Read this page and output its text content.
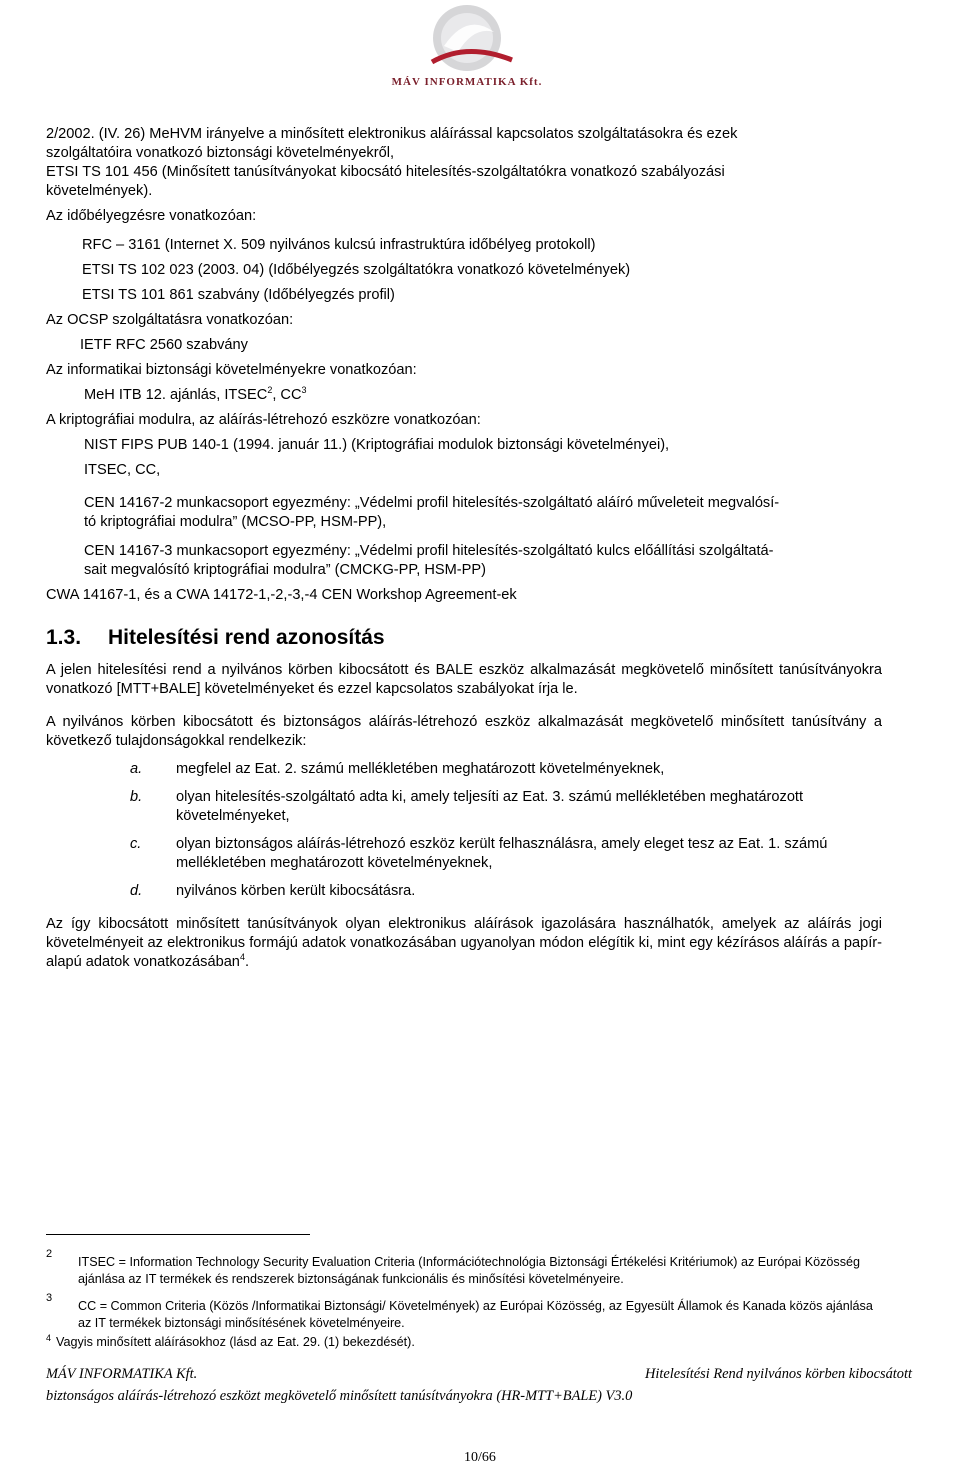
MÁV INFORMATIKA Kft.

2/2002. (IV. 26) MeHVM irányelve a minősített elektronikus aláírással kapcsolatos szolgáltatásokra és ezek

szolgáltatóira vonatkozó biztonsági követelményekről,

ETSI TS 101 456 (Minősített tanúsítványokat kibocsátó hitelesítés-szolgáltatókra vonatkozó szabályozási

követelmények).

Az időbélyegzésre vonatkozóan:

RFC – 3161 (Internet X. 509 nyilvános kulcsú infrastruktúra időbélyeg protokoll)

ETSI TS 102 023 (2003. 04) (Időbélyegzés szolgáltatókra vonatkozó követelmények)

ETSI TS 101 861 szabvány (Időbélyegzés profil)

Az OCSP szolgáltatásra vonatkozóan:

IETF RFC 2560 szabvány

Az informatikai biztonsági követelményekre vonatkozóan:

MeH ITB 12. ajánlás, ITSEC$^2$, $CC^3$

A kriptográfiai modulra, az aláírás-létrehozó eszközre vonatkozóan:

NIST FIPS PUB 140-1 (1994. január 11.) (Kriptográfiai modulok biztonsági követelményei),

ITSEC, CC,

CEN 14167-2 munkacsoport egyezmény: „Védelmi profil hitelesítés-szolgáltató aláíró műveleteit megvalósí-

tó kriptográfiai modulra” (MCSO-PP, HSM-PP),

CEN 14167-3 munkacsoport egyezmény: „Védelmi profil hitelesítés-szolgáltató kulcs előállítási szolgáltatá-

sait megvalósító kriptográfiai modulra” (CMCKG-PP, HSM-PP)

CWA 14167-1, és a CWA 14172-1,-2,-3,-4 CEN Workshop Agreement-ek

1.3. Hitelesítési rend azonosítás

A jelen hitelesítési rend a nyilvános körben kibocsátott és BALE eszköz alkalmazását megkövetelő minősített tanúsítványokra vonatkozó [MTT+BALE] követelményeket és ezzel kapcsolatos szabályokat írja le.

A nyilvános körben kibocsátott és biztonságos aláírás-létrehozó eszköz alkalmazását megkövetelő minősített tanúsítvány a következő tulajdonságokkal rendelkezik:

a.	megfelel az Eat. 2. számú mellékletében meghatározott követelményeknek,
b.	olyan hitelesítés-szolgáltató adta ki, amely teljesíti az Eat. 3. számú mellékletében meghatározott követelményeket,
c.	olyan biztonságos aláírás-létrehozó eszköz került felhasználásra, amely eleget tesz az Eat. 1. számú mellékletében meghatározott követelményeknek,
d.	nyilvános körben került kibocsátásra.

Az így kibocsátott minősített tanúsítványok olyan elektronikus aláírások igazolására használhatók, amelyek az aláírás jogi követelményeit az elektronikus formájú adatok vonatkozásában ugyanolyan módon elégítik ki, mint egy kézírásos aláírás a papír-alapú adatok vonatkozásában$^4$.

2
ITSEC = Information Technology Security Evaluation Criteria (Információtechnológia Biztonsági Értékelési Kritériumok) az Európai Közösség ajánlása az IT termékek és rendszerek biztonságának funkcionális és minősítési követelményeire.
3
CC = Common Criteria (Közös /Informatikai Biztonsági/ Követelmények) az Európai Közösség, az Egyesült Államok és Kanada közös ajánlása az IT termékek biztonsági minősítésének követelményeire.
4 Vagyis minősített aláírásokhoz (lásd az Eat. 29. (1) bekezdését).
MÁV INFORMATIKA Kft.	Hitelesítési Rend nyilvános körben kibocsátott
biztonságos aláírás-létrehozó eszközt megkövetelő minősített tanúsítványokra (HR-MTT+BALE) V3.0
10/66
